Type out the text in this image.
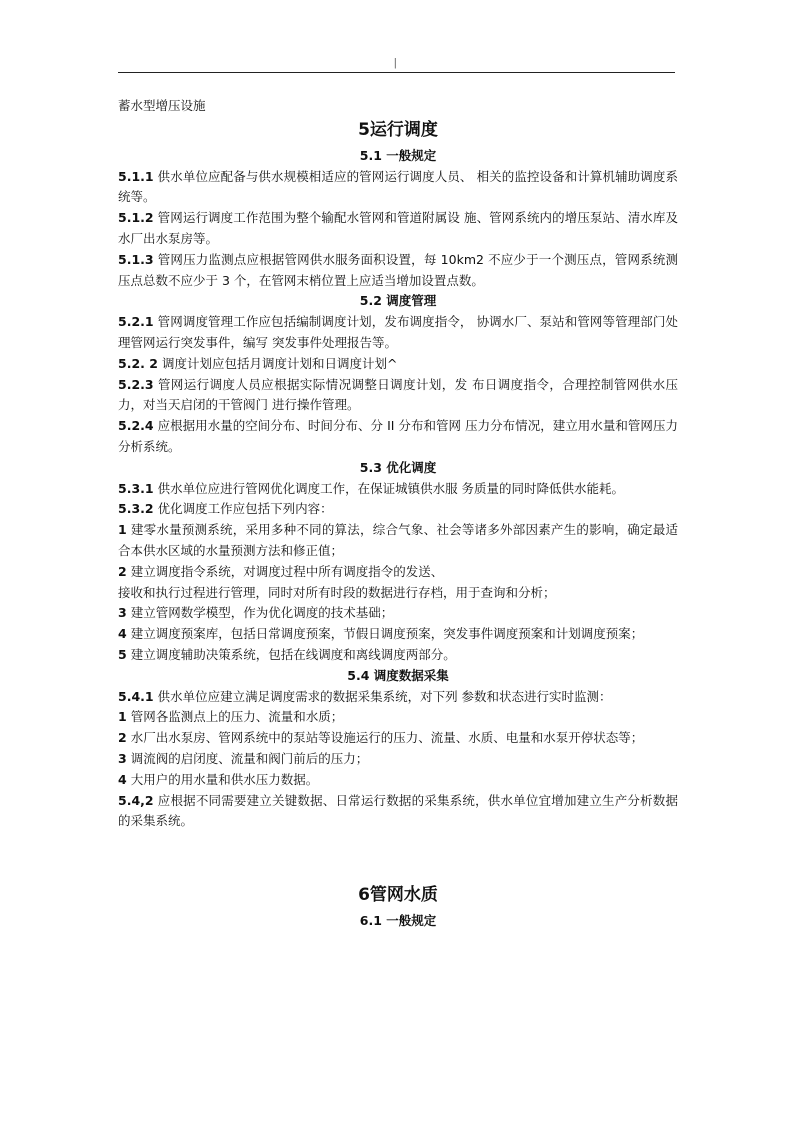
|

蓄水型增压设施

5运行调度
5.1 一般规定

5.1.1 供水单位应配备与供水规模相适应的管网运行调度人员、 相关的监控设备和计算机辅助调度系统等。

5.1.2 管网运行调度工作范围为整个输配水管网和管道附属设 施、管网系统内的增压泵站、清水库及水厂出水泵房等。

5.1.3 管网压力监测点应根据管网供水服务面积设置，每 10km2 不应少于一个测压点，管网系统测压点总数不应少于 3 个，在管网末梢位置上应适当增加设置点数。

5.2 调度管理

5.2.1 管网调度管理工作应包括编制调度计划，发布调度指令， 协调水厂、泵站和管网等管理部门处理管网运行突发事件，编写 突发事件处理报告等。

5.2. 2 调度计划应包括月调度计划和日调度计划^

5.2.3 管网运行调度人员应根据实际情况调整日调度计划，发 布日调度指令，合理控制管网供水压力，对当天启闭的干管阀门 进行操作管理。

5.2.4 应根据用水量的空间分布、时间分布、分 II 分布和管网 压力分布情况，建立用水量和管网压力分析系统。

5.3 优化调度

5.3.1 供水单位应进行管网优化调度工作，在保证城镇供水服 务质量的同时降低供水能耗。

5.3.2 优化调度工作应包括下列内容：

1 建零水量预测系统，采用多种不同的算法，综合气象、社会等诸多外部因素产生的影响，确定最适合本供水区域的水量预测方法和修正值；

2 建立调度指令系统，对调度过程中所有调度指令的发送、

接收和执行过程进行管理，同时对所有时段的数据进行存档，用于查询和分析；

3 建立管网数学模型，作为优化调度的技术基础；

4 建立调度预案库，包括日常调度预案，节假日调度预案，突发事件调度预案和计划调度预案；

5 建立调度辅助决策系统，包括在线调度和离线调度两部分。

5.4 调度数据采集

5.4.1 供水单位应建立满足调度需求的数据采集系统，对下列 参数和状态进行实时监测：

1 管网各监测点上的压力、流量和水质；

2 水厂出水泵房、管网系统中的泵站等设施运行的压力、流量、水质、电量和水泵开停状态等；

3 调流阀的启闭度、流量和阀门前后的压力；

4 大用户的用水量和供水压力数据。

5.4,2 应根据不同需要建立关键数据、日常运行数据的采集系统，供水单位宜增加建立生产分析数据的采集系统。

6管网水质
6.1 一般规定
